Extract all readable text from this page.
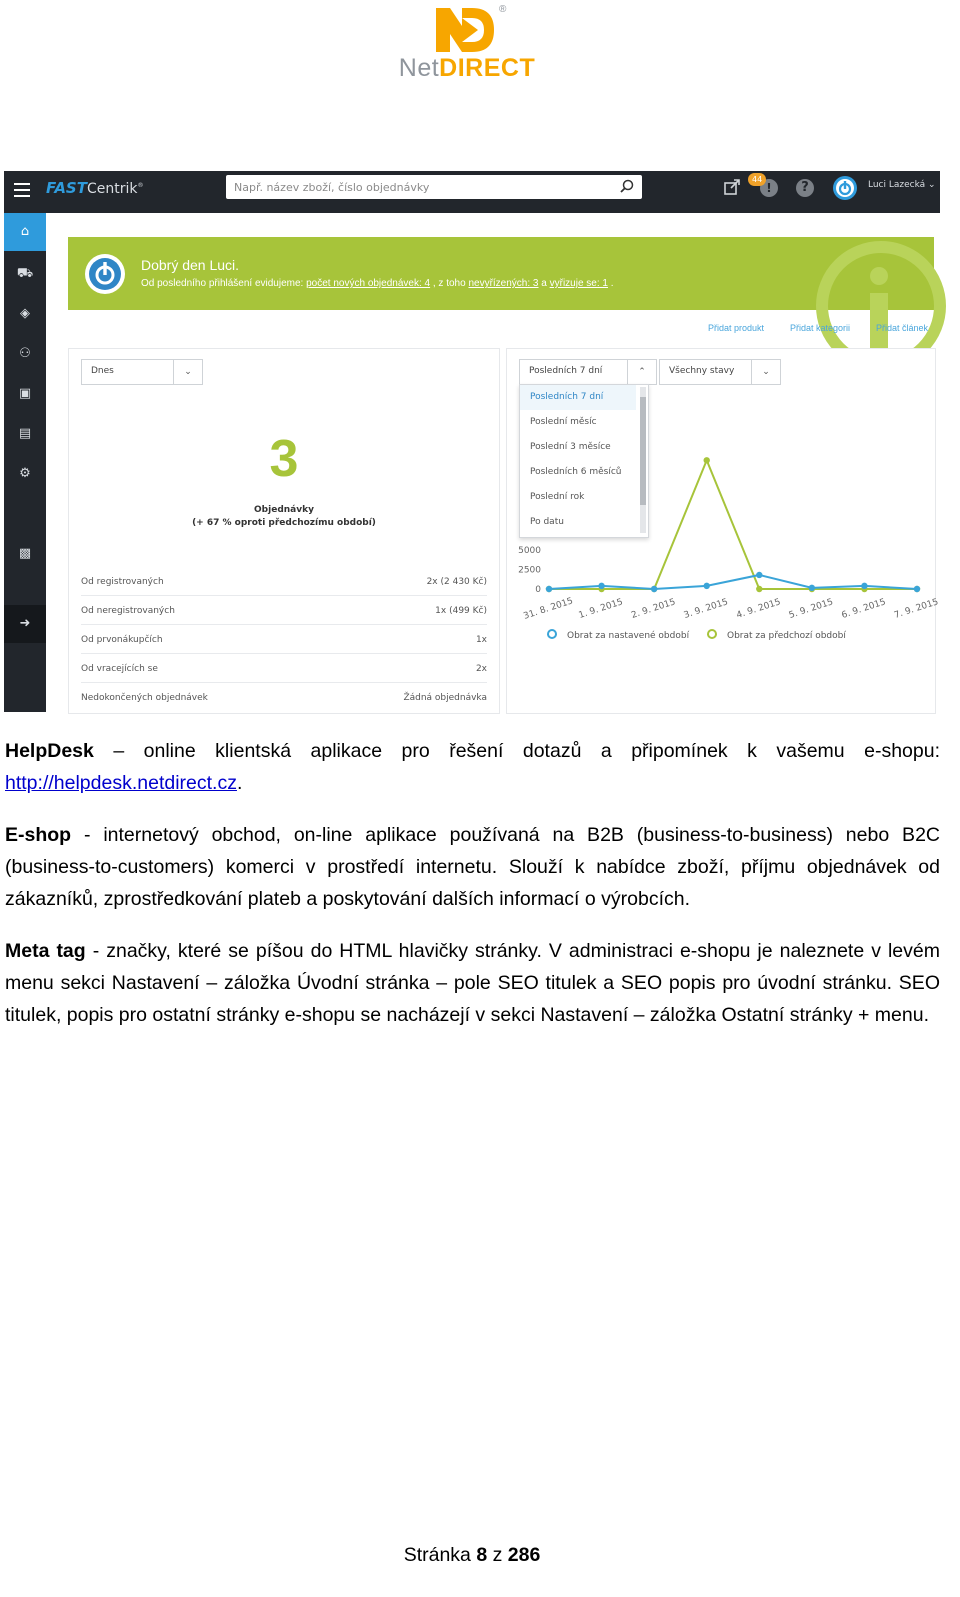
®
NetDIRECT
FASTCentrik®
Např. název zboží, číslo objednávky	!
44
?	Luci Lazecká ⌄
⌂
⛟
◈
⚇
▣
▤
⚙
▩
➜
Dobrý den Luci.
Od posledního přihlášení evidujeme: počet nových objednávek: 4 , z toho nevyřízených: 3 a vyřizuje se: 1 .
Přidat produkt	Přidat kategorii	Přidat článek
Dnes	⌄
3
Objednávky
(+ 67 % oproti předchozímu období)
Od registrovaných	2x (2 430 Kč)
Od neregistrovaných	1x (499 Kč)
Od prvonákupčích	1x
Od vracejících se	2x
Nedokončených objednávek	Žádná objednávka
5000
2500
0
31. 8. 2015 1. 9. 2015 2. 9. 2015 3. 9. 2015 4. 9. 2015 5. 9. 2015 6. 9. 2015 7. 9. 2015
Posledních 7 dní	⌃	Všechny stavy	⌄
Posledních 7 dní
Poslední měsíc
Poslední 3 měsíce
Posledních 6 měsíců
Poslední rok
Po datu
Obrat za nastavené období	Obrat za předchozí období
HelpDesk – online klientská aplikace pro řešení dotazů a připomínek k vašemu e-shopu: http://helpdesk.netdirect.cz.
E-shop - internetový obchod, on-line aplikace používaná na B2B (business-to-business) nebo B2C (business-to-customers) komerci v prostředí internetu. Slouží k nabídce zboží, příjmu objednávek od zákazníků, zprostředkování plateb a poskytování dalších informací o výrobcích.
Meta tag - značky, které se píšou do HTML hlavičky stránky. V administraci e-shopu je naleznete v levém menu sekci Nastavení – záložka Úvodní stránka – pole SEO titulek a SEO popis pro úvodní stránku. SEO titulek, popis pro ostatní stránky e-shopu se nacházejí v sekci Nastavení – záložka Ostatní stránky + menu.
Stránka 8 z 286
